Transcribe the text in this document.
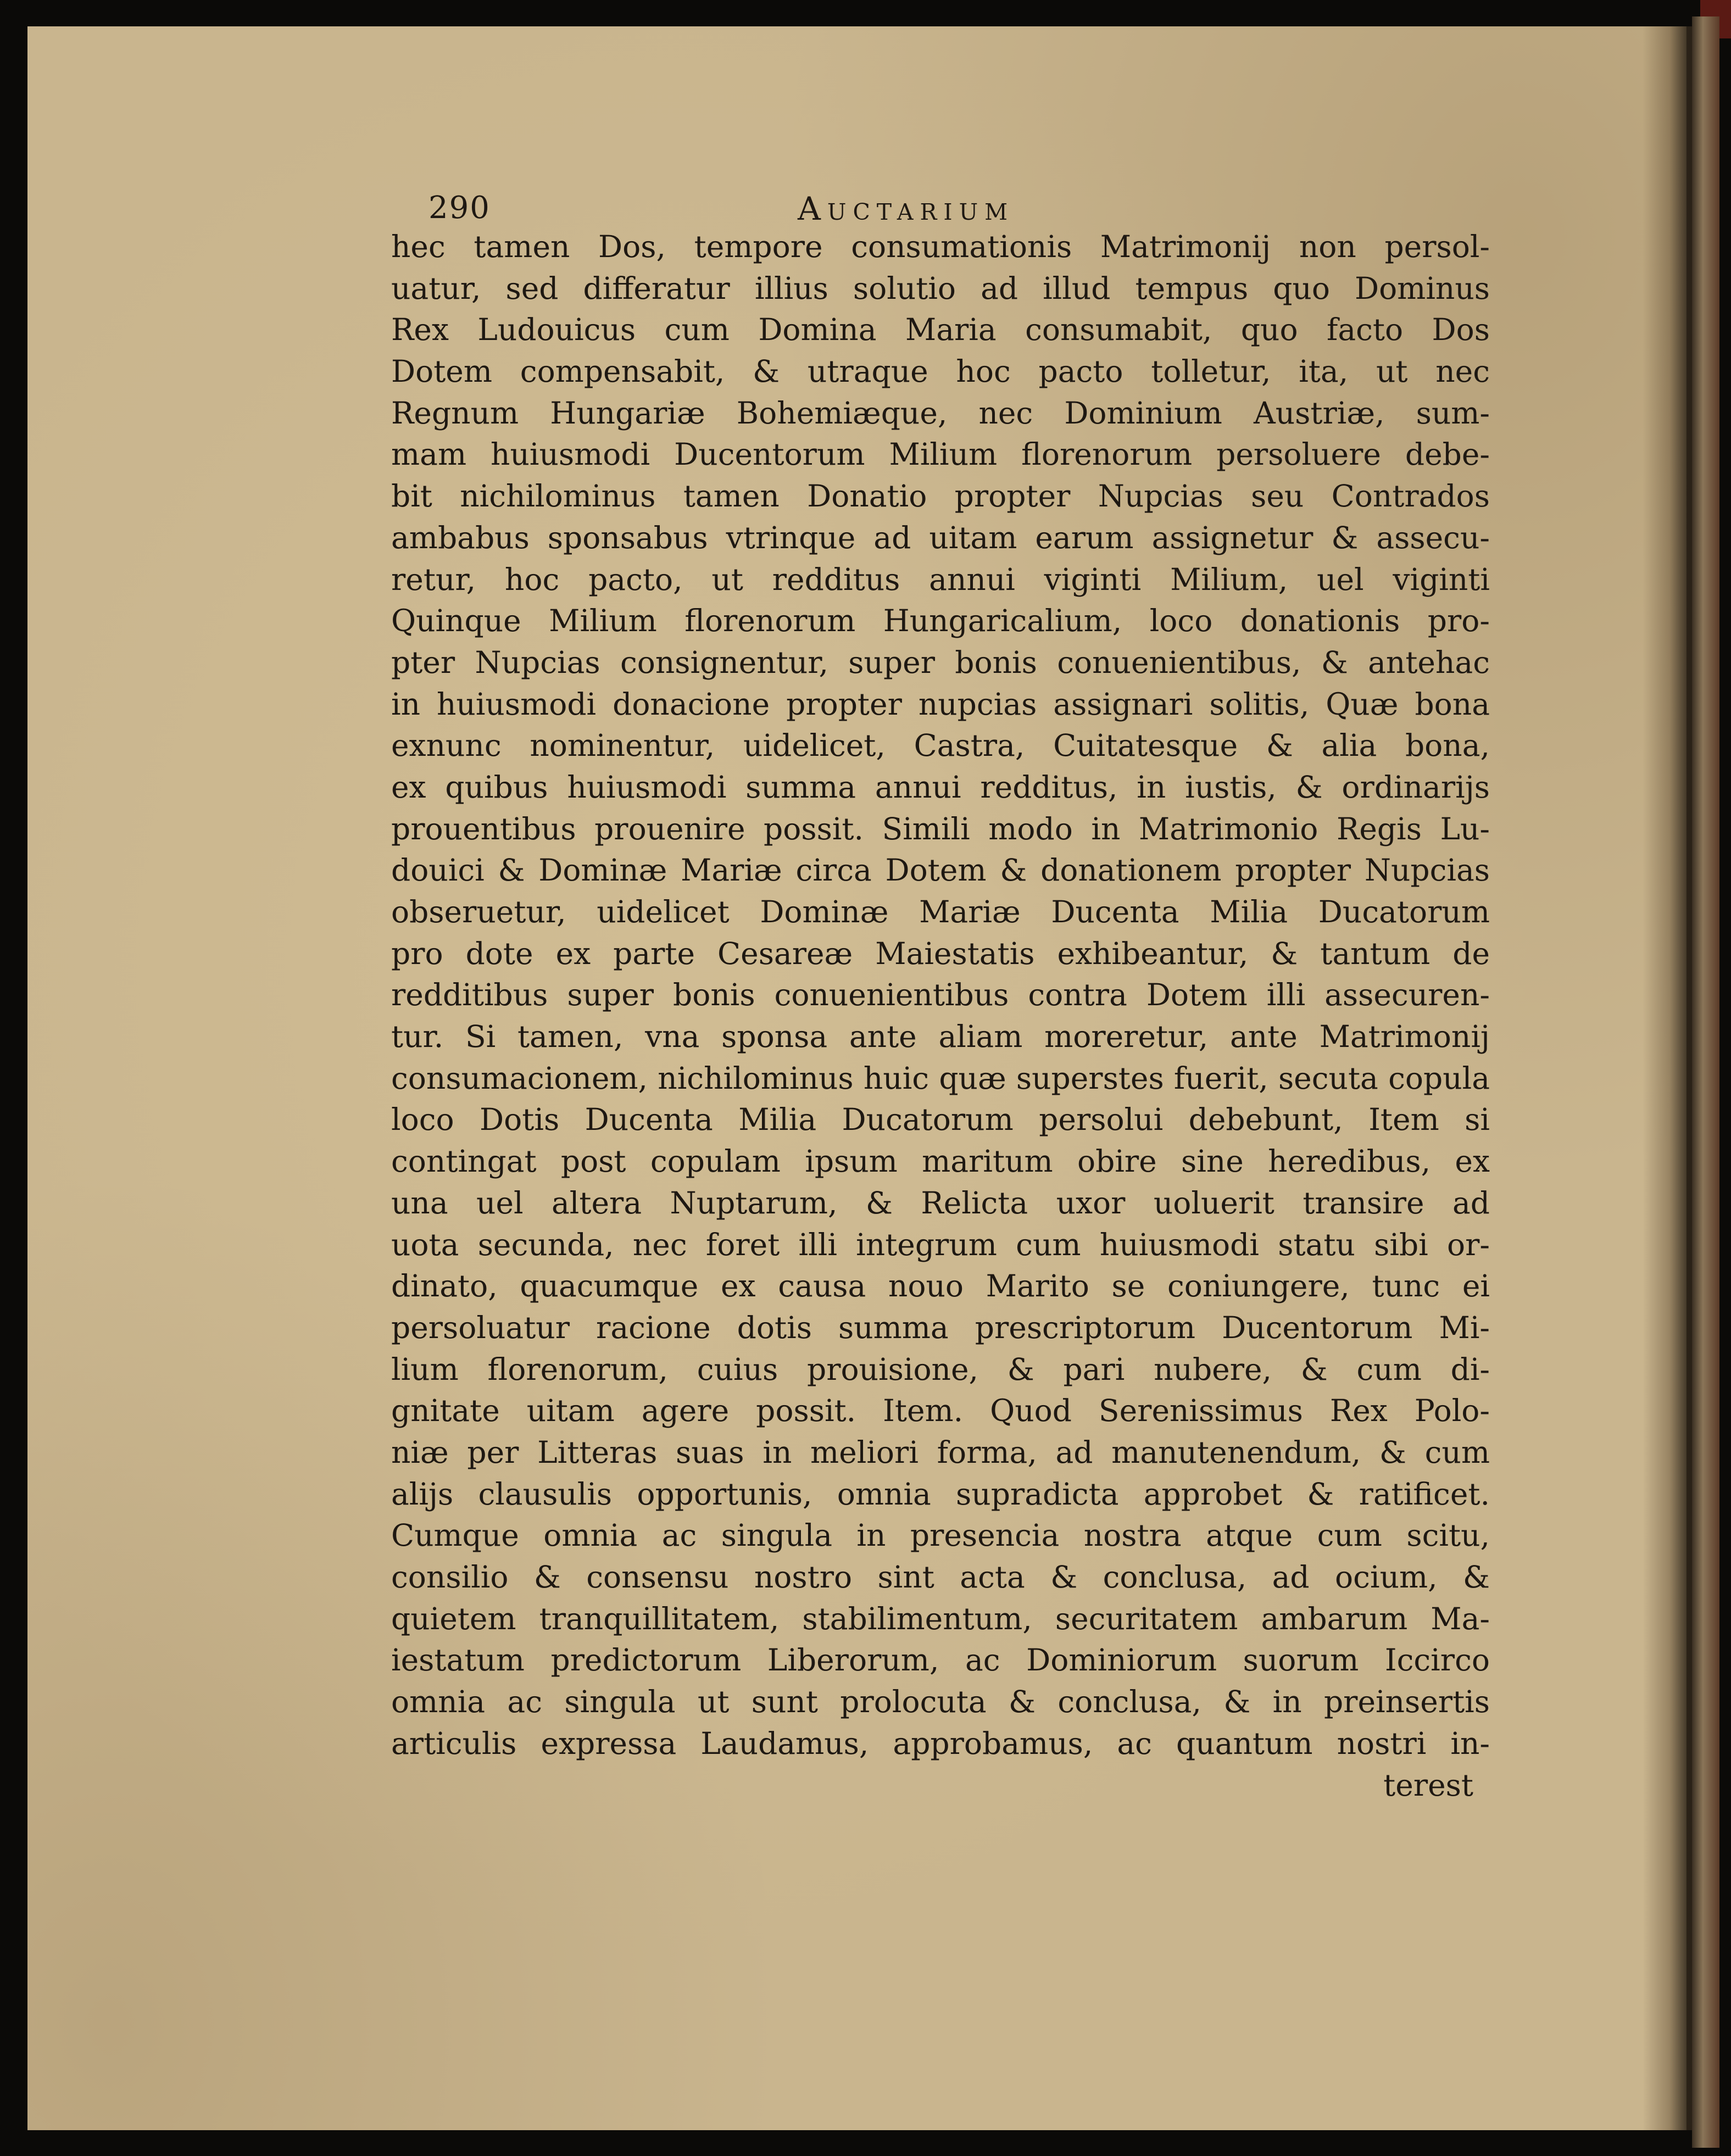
290	Auctarium
hec tamen Dos, tempore consumationis Matrimonij non persol-
uatur, sed differatur illius solutio ad illud tempus quo Dominus
Rex Ludouicus cum Domina Maria consumabit, quo facto Dos
Dotem compensabit, & utraque hoc pacto tolletur, ita, ut nec
Regnum Hungariæ Bohemiæque, nec Dominium Austriæ, sum-
mam huiusmodi Ducentorum Milium florenorum persoluere debe-
bit nichilominus tamen Donatio propter Nupcias seu Contrados
ambabus sponsabus vtrinque ad uitam earum assignetur & assecu-
retur, hoc pacto, ut redditus annui viginti Milium, uel viginti
Quinque Milium florenorum Hungaricalium, loco donationis pro-
pter Nupcias consignentur, super bonis conuenientibus, & antehac
in huiusmodi donacione propter nupcias assignari solitis, Quæ bona
exnunc nominentur, uidelicet, Castra, Cuitatesque & alia bona,
ex quibus huiusmodi summa annui redditus, in iustis, & ordinarijs
prouentibus prouenire possit. Simili modo in Matrimonio Regis Lu-
douici & Dominæ Mariæ circa Dotem & donationem propter Nupcias
obseruetur, uidelicet Dominæ Mariæ Ducenta Milia Ducatorum
pro dote ex parte Cesareæ Maiestatis exhibeantur, & tantum de
redditibus super bonis conuenientibus contra Dotem illi assecuren-
tur. Si tamen, vna sponsa ante aliam moreretur, ante Matrimonij
consumacionem, nichilominus huic quæ superstes fuerit, secuta copula
loco Dotis Ducenta Milia Ducatorum persolui debebunt, Item si
contingat post copulam ipsum maritum obire sine heredibus, ex
una uel altera Nuptarum, & Relicta uxor uoluerit transire ad
uota secunda, nec foret illi integrum cum huiusmodi statu sibi or-
dinato, quacumque ex causa nouo Marito se coniungere, tunc ei
persoluatur racione dotis summa prescriptorum Ducentorum Mi-
lium florenorum, cuius prouisione, & pari nubere, & cum di-
gnitate uitam agere possit. Item. Quod Serenissimus Rex Polo-
niæ per Litteras suas in meliori forma, ad manutenendum, & cum
alijs clausulis opportunis, omnia supradicta approbet & ratificet.
Cumque omnia ac singula in presencia nostra atque cum scitu,
consilio & consensu nostro sint acta & conclusa, ad ocium, &
quietem tranquillitatem, stabilimentum, securitatem ambarum Ma-
iestatum predictorum Liberorum, ac Dominiorum suorum Iccirco
omnia ac singula ut sunt prolocuta & conclusa, & in preinsertis
articulis expressa Laudamus, approbamus, ac quantum nostri in-
terest
